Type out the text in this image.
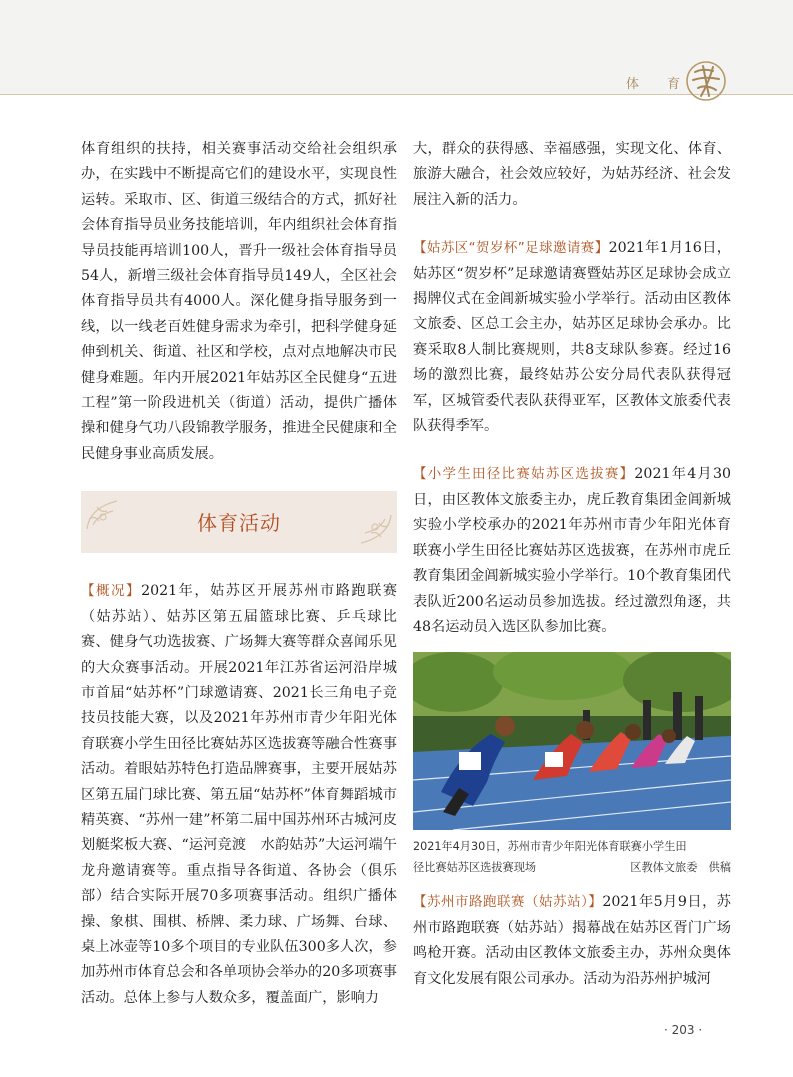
体 育

体育组织的扶持，相关赛事活动交给社会组织承办，在实践中不断提高它们的建设水平，实现良性运转。采取市、区、街道三级结合的方式，抓好社会体育指导员业务技能培训，年内组织社会体育指导员技能再培训100人，晋升一级社会体育指导员54人，新增三级社会体育指导员149人，全区社会体育指导员共有4000人。深化健身指导服务到一线，以一线老百姓健身需求为牵引，把科学健身延伸到机关、街道、社区和学校，点对点地解决市民健身难题。年内开展2021年姑苏区全民健身“五进工程”第一阶段进机关（街道）活动，提供广播体操和健身气功八段锦教学服务，推进全民健康和全民健身事业高质发展。

体育活动

【概况】2021年，姑苏区开展苏州市路跑联赛（姑苏站）、姑苏区第五届篮球比赛、乒乓球比赛、健身气功选拔赛、广场舞大赛等群众喜闻乐见的大众赛事活动。开展2021年江苏省运河沿岸城市首届“姑苏杯”门球邀请赛、2021长三角电子竞技员技能大赛，以及2021年苏州市青少年阳光体育联赛小学生田径比赛姑苏区选拔赛等融合性赛事活动。着眼姑苏特色打造品牌赛事，主要开展姑苏区第五届门球比赛、第五届“姑苏杯”体育舞蹈城市精英赛、“苏州一建”杯第二届中国苏州环古城河皮划艇桨板大赛、“运河竞渡　水韵姑苏”大运河端午龙舟邀请赛等。重点指导各街道、各协会（俱乐部）结合实际开展70多项赛事活动。组织广播体操、象棋、围棋、桥牌、柔力球、广场舞、台球、桌上冰壶等10多个项目的专业队伍300多人次，参加苏州市体育总会和各单项协会举办的20多项赛事活动。总体上参与人数众多，覆盖面广，影响力

大，群众的获得感、幸福感强，实现文化、体育、旅游大融合，社会效应较好，为姑苏经济、社会发展注入新的活力。

【姑苏区“贺岁杯”足球邀请赛】2021年1月16日，姑苏区“贺岁杯”足球邀请赛暨姑苏区足球协会成立揭牌仪式在金阊新城实验小学举行。活动由区教体文旅委、区总工会主办，姑苏区足球协会承办。比赛采取8人制比赛规则，共8支球队参赛。经过16场的激烈比赛，最终姑苏公安分局代表队获得冠军，区城管委代表队获得亚军，区教体文旅委代表队获得季军。

【小学生田径比赛姑苏区选拔赛】2021年4月30日，由区教体文旅委主办，虎丘教育集团金阊新城实验小学校承办的2021年苏州市青少年阳光体育联赛小学生田径比赛姑苏区选拔赛，在苏州市虎丘教育集团金阊新城实验小学举行。10个教育集团代表队近200名运动员参加选拔。经过激烈角逐，共48名运动员入选区队参加比赛。

2021年4月30日，苏州市青少年阳光体育联赛小学生田
径比赛姑苏区选拔赛现场	区教体文旅委　供稿

【苏州市路跑联赛（姑苏站）】2021年5月9日，苏州市路跑联赛（姑苏站）揭幕战在姑苏区胥门广场鸣枪开赛。活动由区教体文旅委主办，苏州众奥体育文化发展有限公司承办。活动为沿苏州护城河

· 203 ·
